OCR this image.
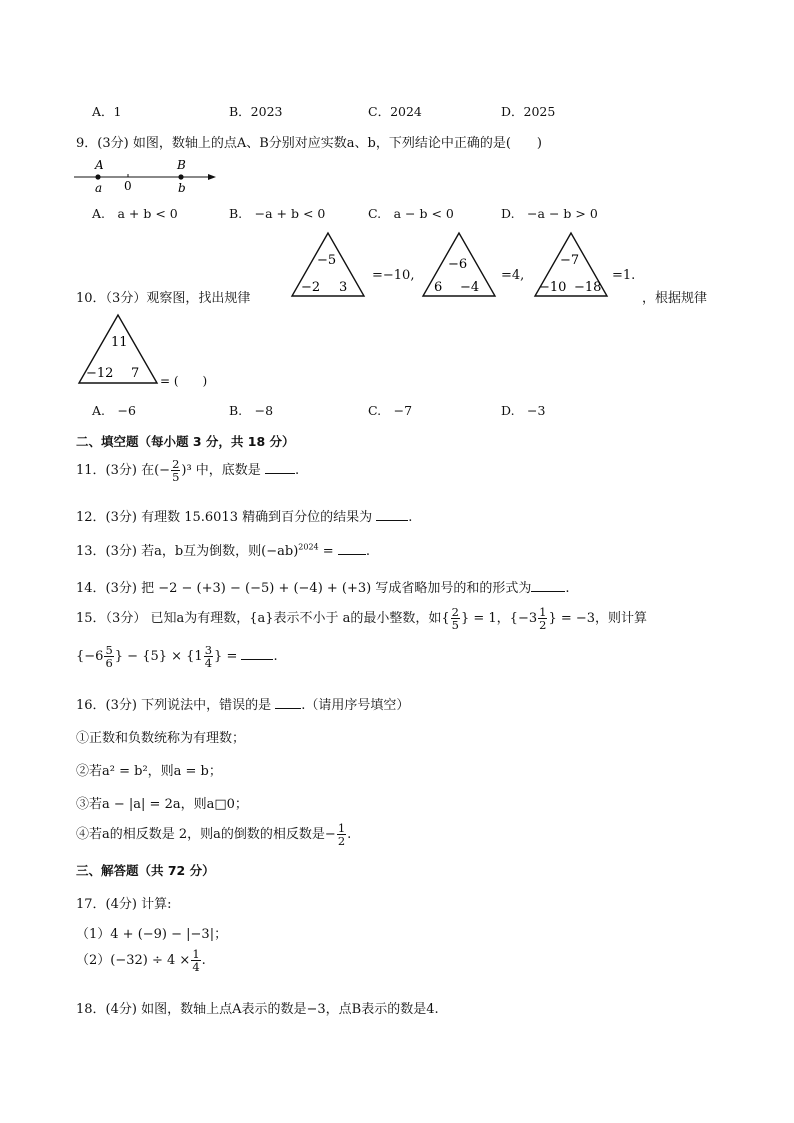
A．1	B．2023	C．2024	D．2025
9．(3分) 如图，数轴上的点A、B分别对应实数a、b，下列结论中正确的是(　　)
A
a 0
B
b
A.　a + b < 0	B.　−a + b < 0	C.　a − b < 0	D.　−a − b > 0
10．（3分）观察图，找出规律
−5
−2 3
=−10,
−6
6 −4
=4,
−7
−10 −18
=1.
，根据规律
11
−12 7 = (　　)
A.　−6	B.　−8	C.　−7	D.　−3
二、填空题（每小题 3 分，共 18 分）
11．(3分) 在(− $\frac{2}{5} )^3$ 中，底数是	.
12．(3分) 有理数 15.6013 精确到百分位的结果为	.
13．(3分) 若a，b互为倒数，则$(-ab)^{2024}$ = .
14．(3分) 把 −2 − (+3) − (−5) + (−4) + (+3) 写成省略加号的和的形式为	.
15．（3分） 已知a为有理数，{a}表示不小于 a的最小整数，如{ $\frac{2}{5}$ } = 1，{$-3 \frac{1}{2}$ } = −3，则计算
{$-6 \frac{5}{6}$ } − $\{5\} \times \{1 \frac{3}{4}$ } =	.
16．(3分) 下列说法中，错误的是 .（请用序号填空）
①正数和负数统称为有理数；
②若a² = b²，则a = b；
③若a − |a| = 2a，则a□0；
④若a的相反数是 2，则a的倒数的相反数是− $\frac{1}{2}$ .
三、解答题（共 72 分）
17．(4分) 计算:
（1）4 + (−9) − |−3|；
$(2)(-32) \div 4 \times \frac{1}{4}$ .
18．(4分) 如图，数轴上点A表示的数是−3，点B表示的数是4.
